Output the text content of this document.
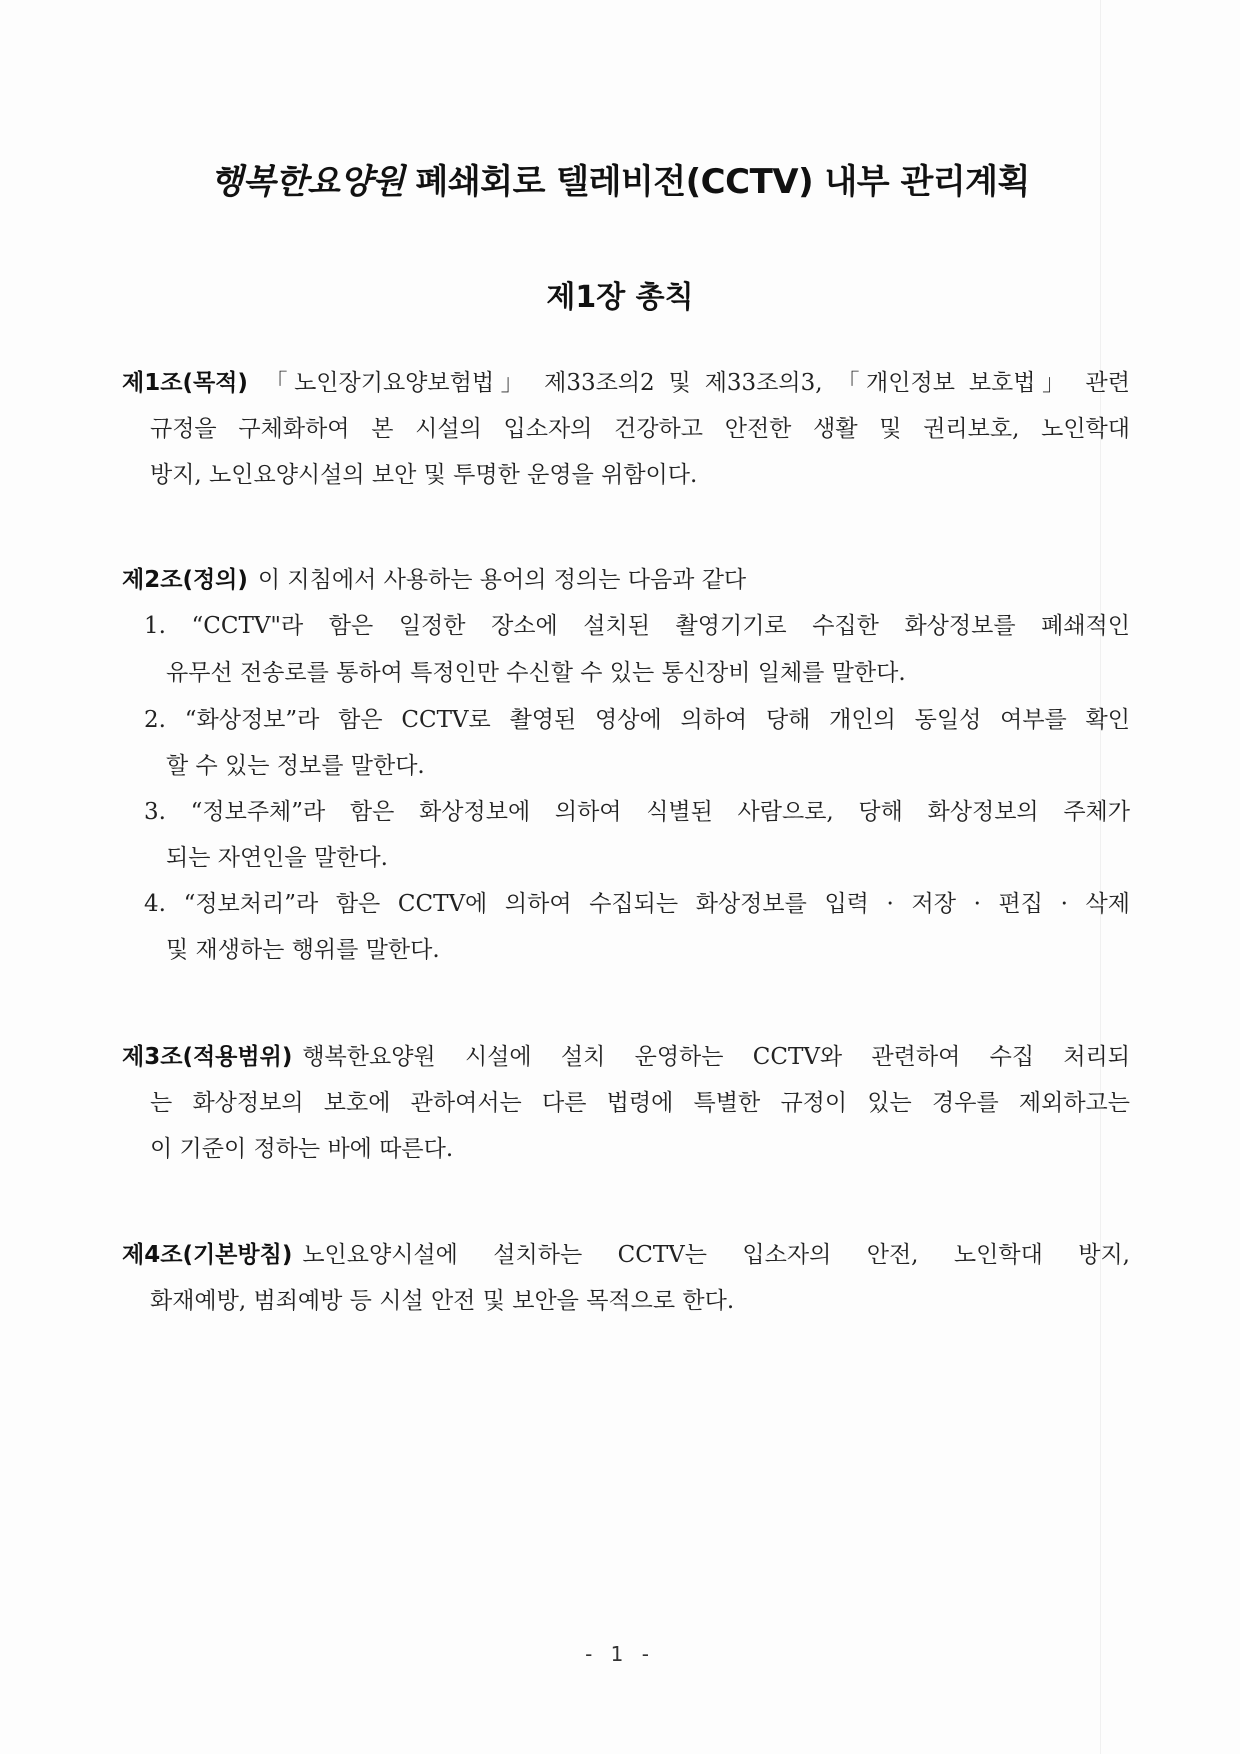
행복한요양원 폐쇄회로 텔레비전(CCTV) 내부 관리계획
제1장 총칙
제1조(목적) 「노인장기요양보험법」 제33조의2 및 제33조의3, 「개인정보 보호법」 관련
규정을 구체화하여 본 시설의 입소자의 건강하고 안전한 생활 및 권리보호, 노인학대
방지, 노인요양시설의 보안 및 투명한 운영을 위함이다.
제2조(정의) 이 지침에서 사용하는 용어의 정의는 다음과 같다
1. “CCTV"라 함은 일정한 장소에 설치된 촬영기기로 수집한 화상정보를 폐쇄적인
유무선 전송로를 통하여 특정인만 수신할 수 있는 통신장비 일체를 말한다.
2. “화상정보”라 함은 CCTV로 촬영된 영상에 의하여 당해 개인의 동일성 여부를 확인
할 수 있는 정보를 말한다.
3. “정보주체”라 함은 화상정보에 의하여 식별된 사람으로, 당해 화상정보의 주체가
되는 자연인을 말한다.
4. “정보처리”라 함은 CCTV에 의하여 수집되는 화상정보를 입력 · 저장 · 편집 · 삭제
및 재생하는 행위를 말한다.
제3조(적용범위) 행복한요양원 시설에 설치 운영하는 CCTV와 관련하여 수집 처리되
는 화상정보의 보호에 관하여서는 다른 법령에 특별한 규정이 있는 경우를 제외하고는
이 기준이 정하는 바에 따른다.
제4조(기본방침) 노인요양시설에 설치하는 CCTV는 입소자의 안전, 노인학대 방지,
화재예방, 범죄예방 등 시설 안전 및 보안을 목적으로 한다.
- 1 -
